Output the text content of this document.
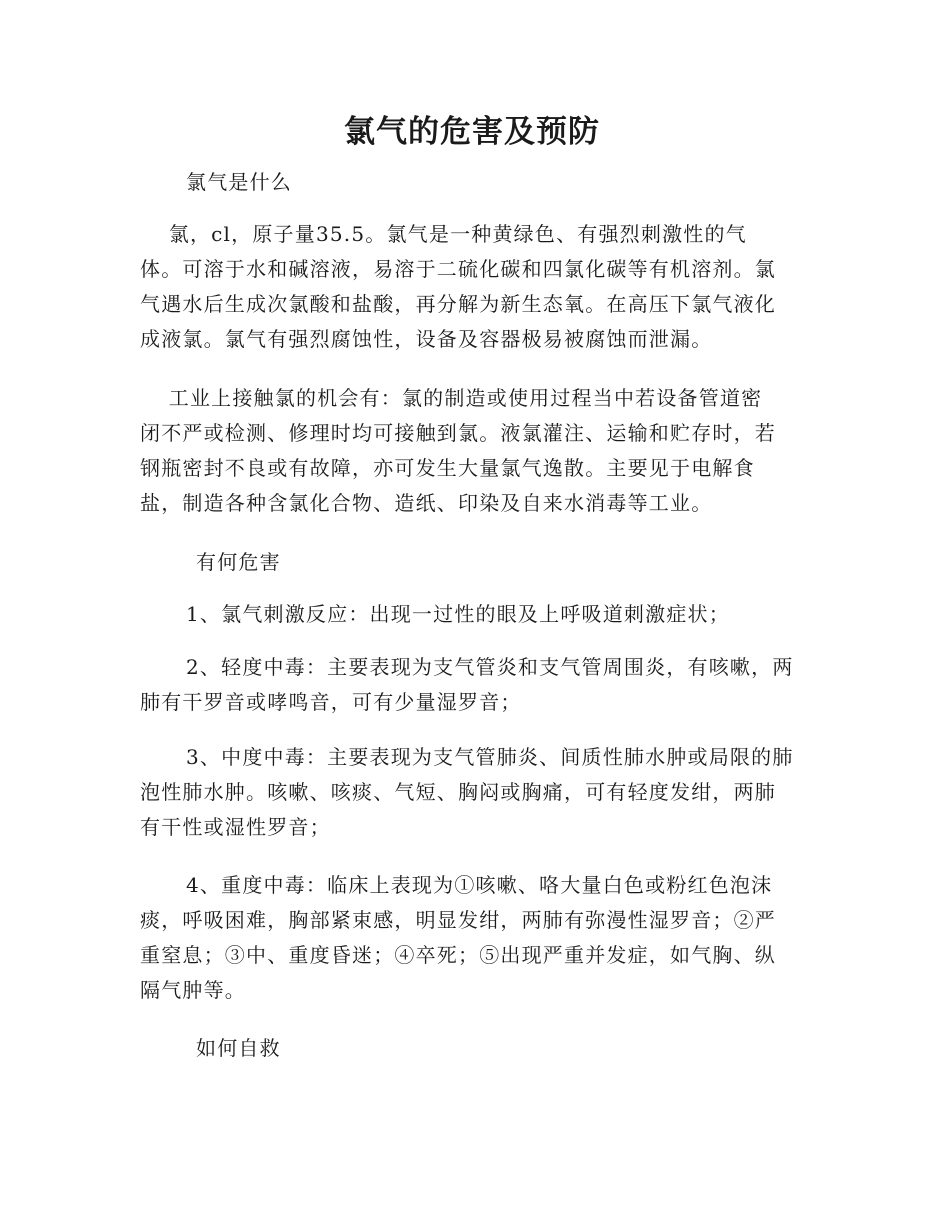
氯气的危害及预防
氯气是什么
　 氯，cl，原子量35.5。氯气是一种黄绿色、有强烈刺激性的气
体。可溶于水和碱溶液，易溶于二硫化碳和四氯化碳等有机溶剂。氯
气遇水后生成次氯酸和盐酸，再分解为新生态氧。在高压下氯气液化
成液氯。氯气有强烈腐蚀性，设备及容器极易被腐蚀而泄漏。
　 工业上接触氯的机会有：氯的制造或使用过程当中若设备管道密
闭不严或检测、修理时均可接触到氯。液氯灌注、运输和贮存时，若
钢瓶密封不良或有故障，亦可发生大量氯气逸散。主要见于电解食
盐，制造各种含氯化合物、造纸、印染及自来水消毒等工业。
有何危害
1、氯气刺激反应：出现一过性的眼及上呼吸道刺激症状；
2、轻度中毒：主要表现为支气管炎和支气管周围炎，有咳嗽，两
肺有干罗音或哮鸣音，可有少量湿罗音；
3、中度中毒：主要表现为支气管肺炎、间质性肺水肿或局限的肺
泡性肺水肿。咳嗽、咳痰、气短、胸闷或胸痛，可有轻度发绀，两肺
有干性或湿性罗音；
4、重度中毒：临床上表现为①咳嗽、咯大量白色或粉红色泡沫
痰，呼吸困难，胸部紧束感，明显发绀，两肺有弥漫性湿罗音；②严
重窒息；③中、重度昏迷；④卒死；⑤出现严重并发症，如气胸、纵
隔气肿等。
如何自救
